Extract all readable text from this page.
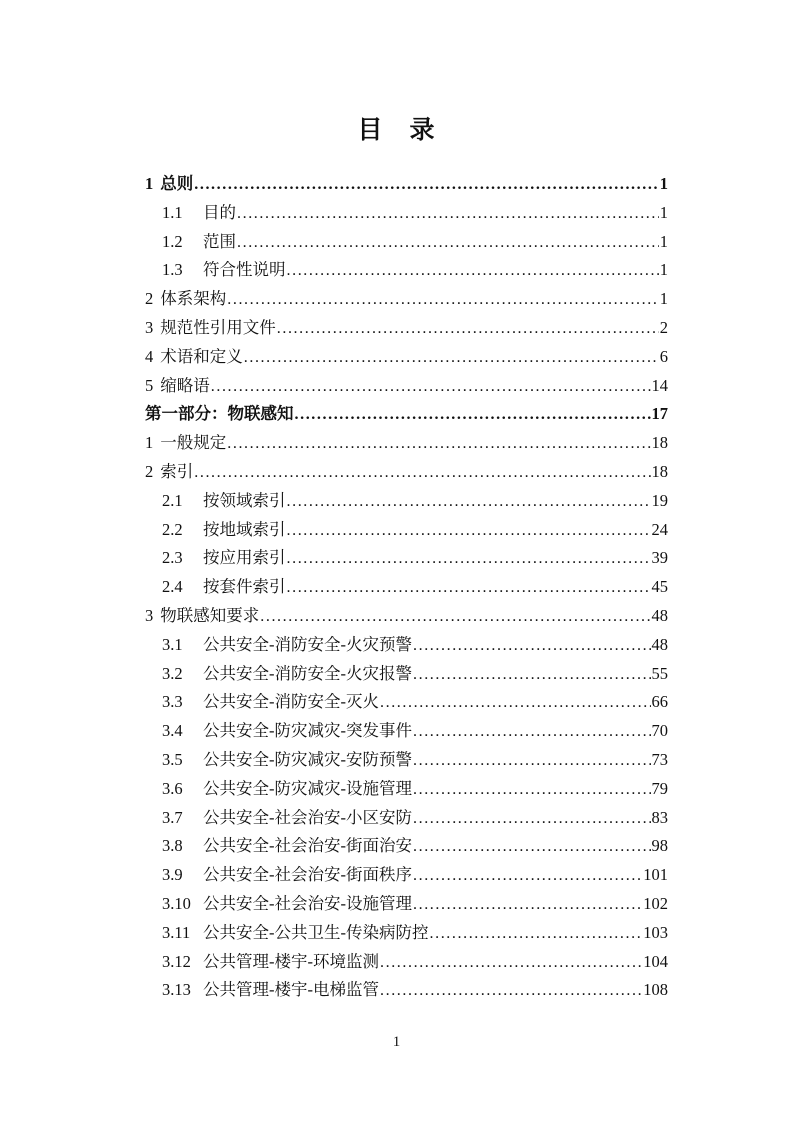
目　录
1 总则 .....	1
1.1	目的 .....	1
1.2	范围 .....	1
1.3	符合性说明 .....	1
2 体系架构 .....	1
3 规范性引用文件 .....	2
4 术语和定义 .....	6
5 缩略语 .....	14
第一部分：物联感知 .....	17
1 一般规定 .....	18
2 索引 .....	18
2.1	按领域索引 .....	19
2.2	按地域索引 .....	24
2.3	按应用索引 .....	39
2.4	按套件索引 .....	45
3 物联感知要求 .....	48
3.1	公共安全-消防安全-火灾预警 .....	48
3.2	公共安全-消防安全-火灾报警 .....	55
3.3	公共安全-消防安全-灭火 .....	66
3.4	公共安全-防灾减灾-突发事件 .....	70
3.5	公共安全-防灾减灾-安防预警 .....	73
3.6	公共安全-防灾减灾-设施管理 .....	79
3.7	公共安全-社会治安-小区安防 .....	83
3.8	公共安全-社会治安-街面治安 .....	98
3.9	公共安全-社会治安-街面秩序 .....	101
3.10 公共安全-社会治安-设施管理 .....	102
3.11 公共安全-公共卫生-传染病防控 .....	103
3.12 公共管理-楼宇-环境监测 .....	104
3.13 公共管理-楼宇-电梯监管 .....	108
1
